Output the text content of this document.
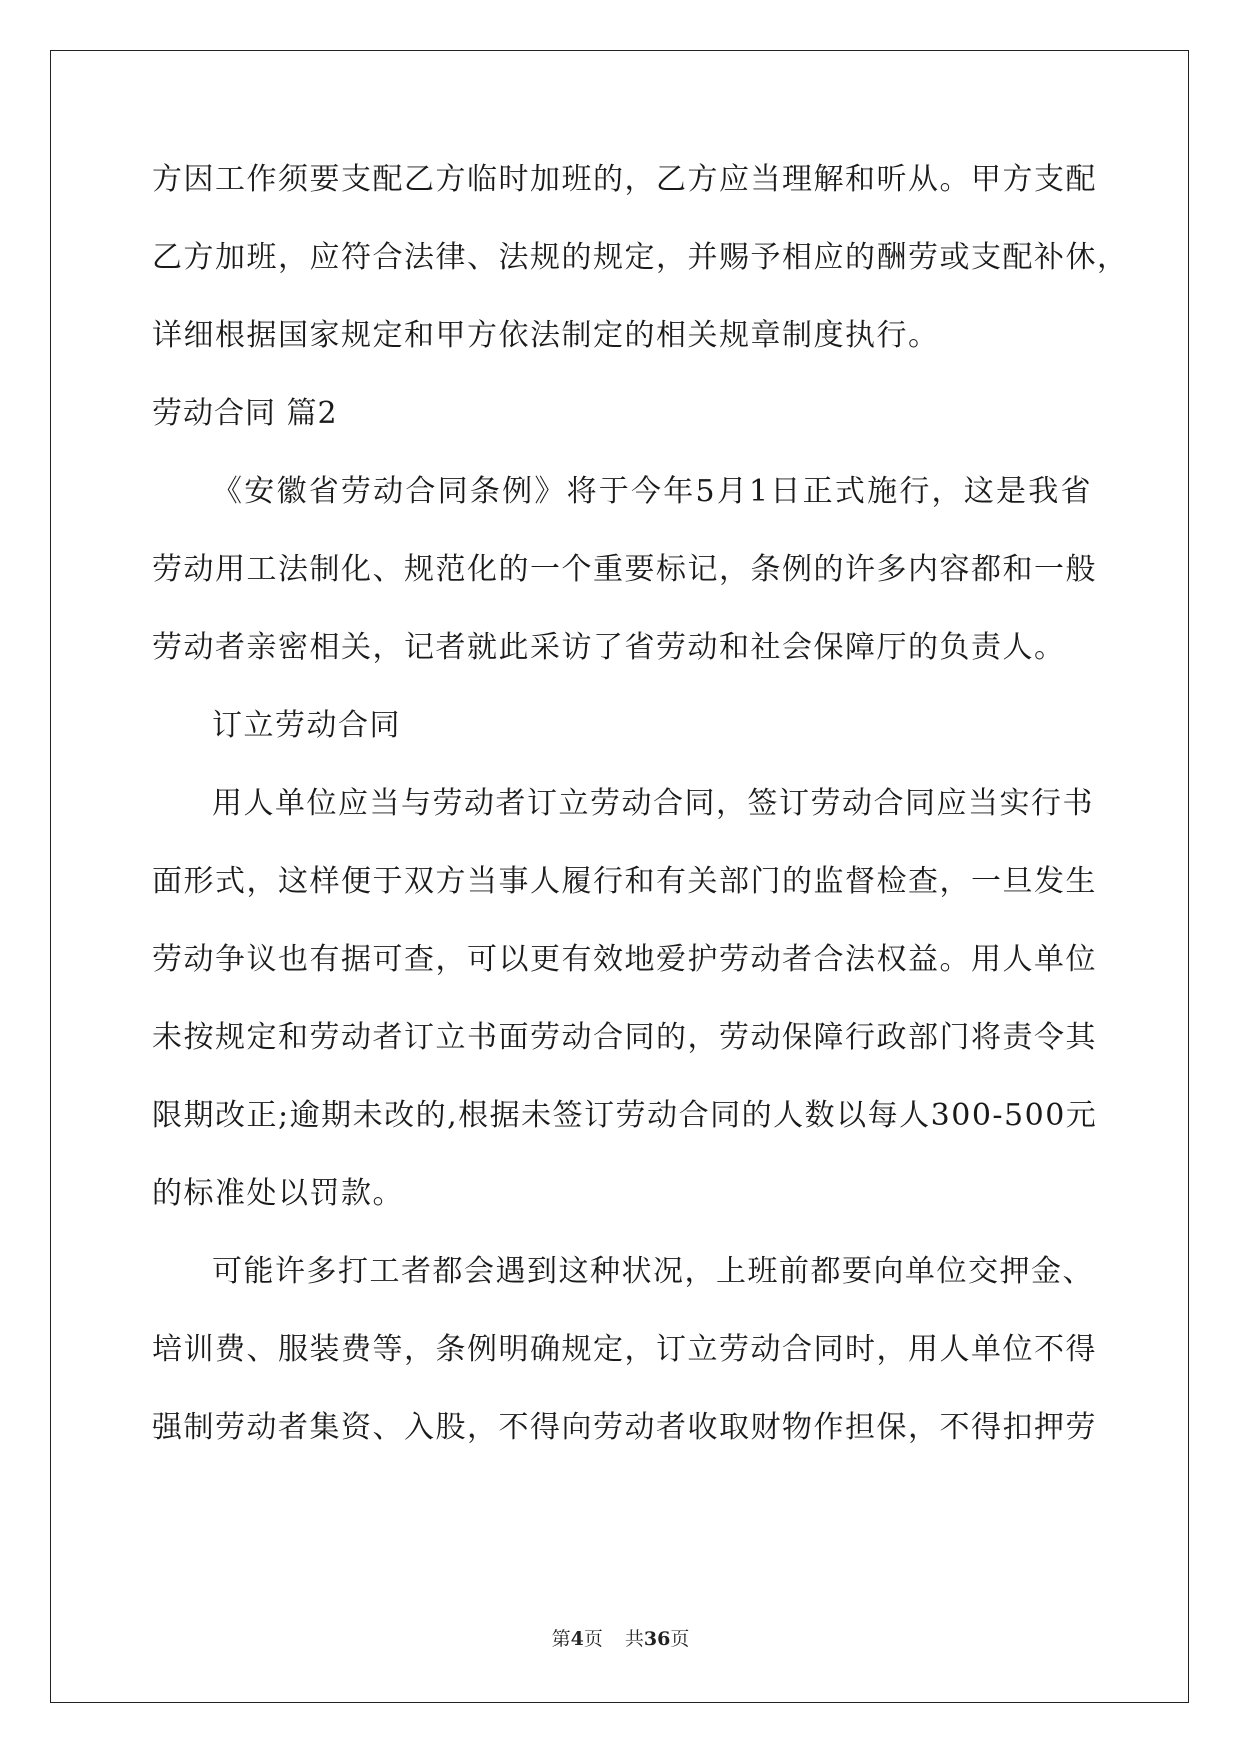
方因工作须要支配乙方临时加班的，乙方应当理解和听从。甲方支配
乙方加班，应符合法律、法规的规定，并赐予相应的酬劳或支配补休，
详细根据国家规定和甲方依法制定的相关规章制度执行。
劳动合同 篇2
《安徽省劳动合同条例》将于今年5月1日正式施行，这是我省
劳动用工法制化、规范化的一个重要标记，条例的许多内容都和一般
劳动者亲密相关，记者就此采访了省劳动和社会保障厅的负责人。
订立劳动合同
用人单位应当与劳动者订立劳动合同，签订劳动合同应当实行书
面形式，这样便于双方当事人履行和有关部门的监督检查，一旦发生
劳动争议也有据可查，可以更有效地爱护劳动者合法权益。用人单位
未按规定和劳动者订立书面劳动合同的，劳动保障行政部门将责令其
限期改正;逾期未改的,根据未签订劳动合同的人数以每人300-500元
的标准处以罚款。
可能许多打工者都会遇到这种状况，上班前都要向单位交押金、
培训费、服装费等，条例明确规定，订立劳动合同时，用人单位不得
强制劳动者集资、入股，不得向劳动者收取财物作担保，不得扣押劳
第4页 共36页
